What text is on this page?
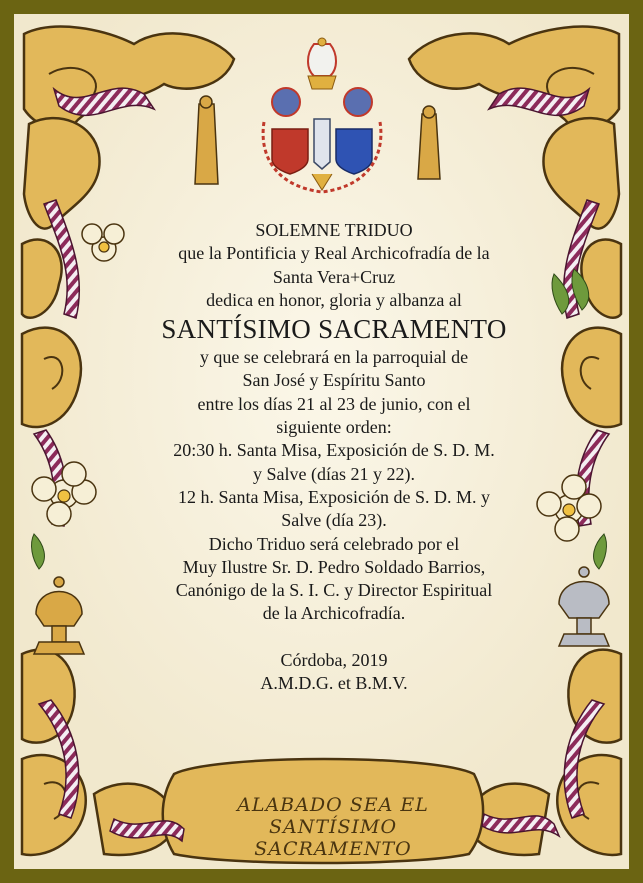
SOLEMNE TRIDUO
que la Pontificia y Real Archicofradía de la
Santa Vera+Cruz
dedica en honor, gloria y albanza al
SANTÍSIMO SACRAMENTO
y que se celebrará en la parroquial de
San José y Espíritu Santo
entre los días 21 al 23 de junio, con el
siguiente orden:
20:30 h. Santa Misa, Exposición de S. D. M.
y Salve (días 21 y 22).
12 h. Santa Misa, Exposición de S. D. M. y
Salve (día 23).
Dicho Triduo será celebrado por el
Muy Ilustre Sr. D. Pedro Soldado Barrios,
Canónigo de la S. I. C. y Director Espiritual
de la Archicofradía.
Córdoba, 2019
A.M.D.G. et B.M.V.
ALABADO SEA EL
SANTÍSIMO SACRAMENTO
